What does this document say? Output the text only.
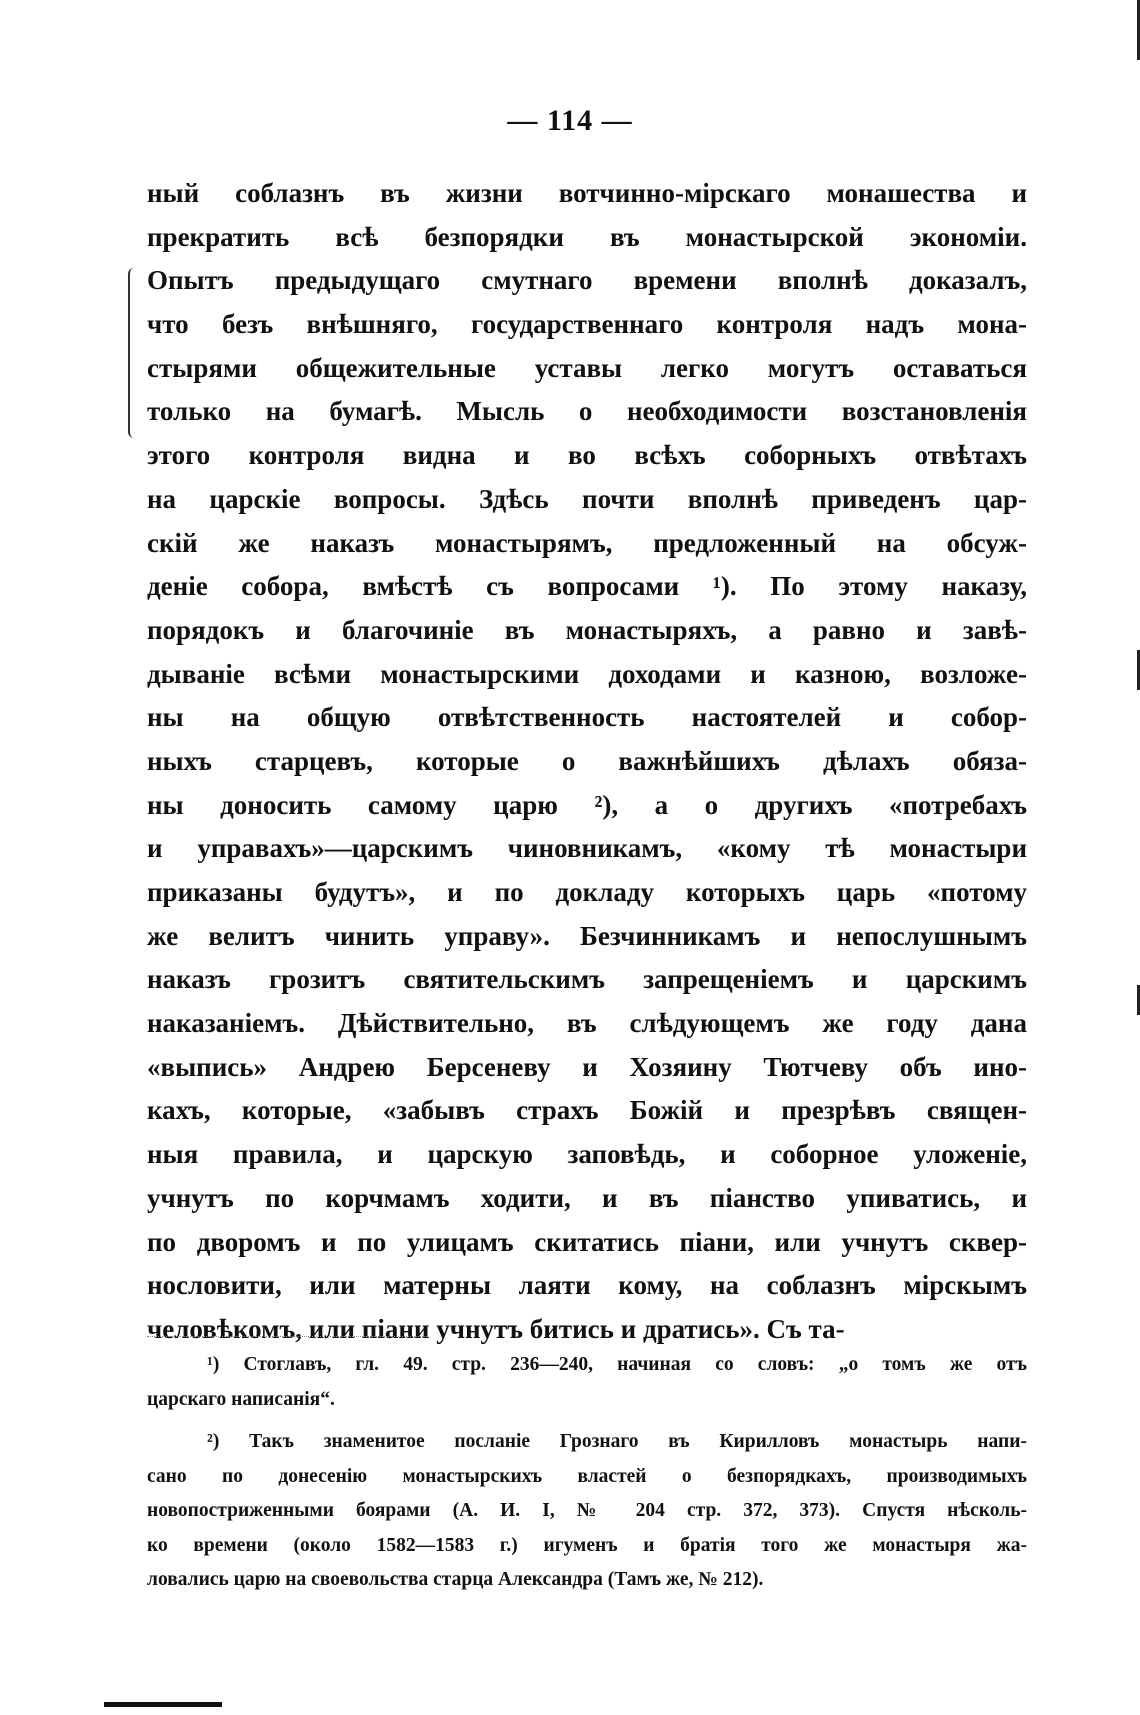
— 114 —
ный соблазнъ въ жизни вотчинно-мірскаго монашества и
прекратить всѣ безпорядки въ монастырской экономіи.
Опытъ предыдущаго смутнаго времени вполнѣ доказалъ,
что безъ внѣшняго, государственнаго контроля надъ мона-
стырями общежительные уставы легко могутъ оставаться
только на бумагѣ. Мысль о необходимости возстановленія
этого контроля видна и во всѣхъ соборныхъ отвѣтахъ
на царскіе вопросы. Здѣсь почти вполнѣ приведенъ цар-
скій же наказъ монастырямъ, предложенный на обсуж-
деніе собора, вмѣстѣ съ вопросами ¹). По этому наказу,
порядокъ и благочиніе въ монастыряхъ, а равно и завѣ-
дываніе всѣми монастырскими доходами и казною, возложе-
ны на общую отвѣтственность настоятелей и собор-
ныхъ старцевъ, которые о важнѣйшихъ дѣлахъ обяза-
ны доносить самому царю ²), а о другихъ «потребахъ
и управахъ»—царскимъ чиновникамъ, «кому тѣ монастыри
приказаны будутъ», и по докладу которыхъ царь «потому
же велитъ чинить управу». Безчинникамъ и непослушнымъ
наказъ грозитъ святительскимъ запрещеніемъ и царскимъ
наказаніемъ. Дѣйствительно, въ слѣдующемъ же году дана
«выпись» Андрею Берсеневу и Хозяину Тютчеву объ ино-
кахъ, которые, «забывъ страхъ Божій и презрѣвъ священ-
ныя правила, и царскую заповѣдь, и соборное уложеніе,
учнутъ по корчмамъ ходити, и въ піанство упиватись, и
по дворомъ и по улицамъ скитатись піани, или учнутъ сквер-
нословити, или матерны лаяти кому, на соблазнъ мірскымъ
человѣкомъ, или піани учнутъ битись и дратись». Съ та-
¹) Стоглавъ, гл. 49. стр. 236—240, начиная со словъ: „о томъ же отъ
царскаго написанія“.
²) Такъ знаменитое посланіе Грознаго въ Кирилловъ монастырь напи-
сано по донесенію монастырскихъ властей о безпорядкахъ, производимыхъ
новопостриженными боярами (А. И. I, № 204 стр. 372, 373). Спустя нѣсколь-
ко времени (около 1582—1583 г.) игуменъ и братія того же монастыря жа-
ловались царю на своевольства старца Александра (Тамъ же, № 212).
